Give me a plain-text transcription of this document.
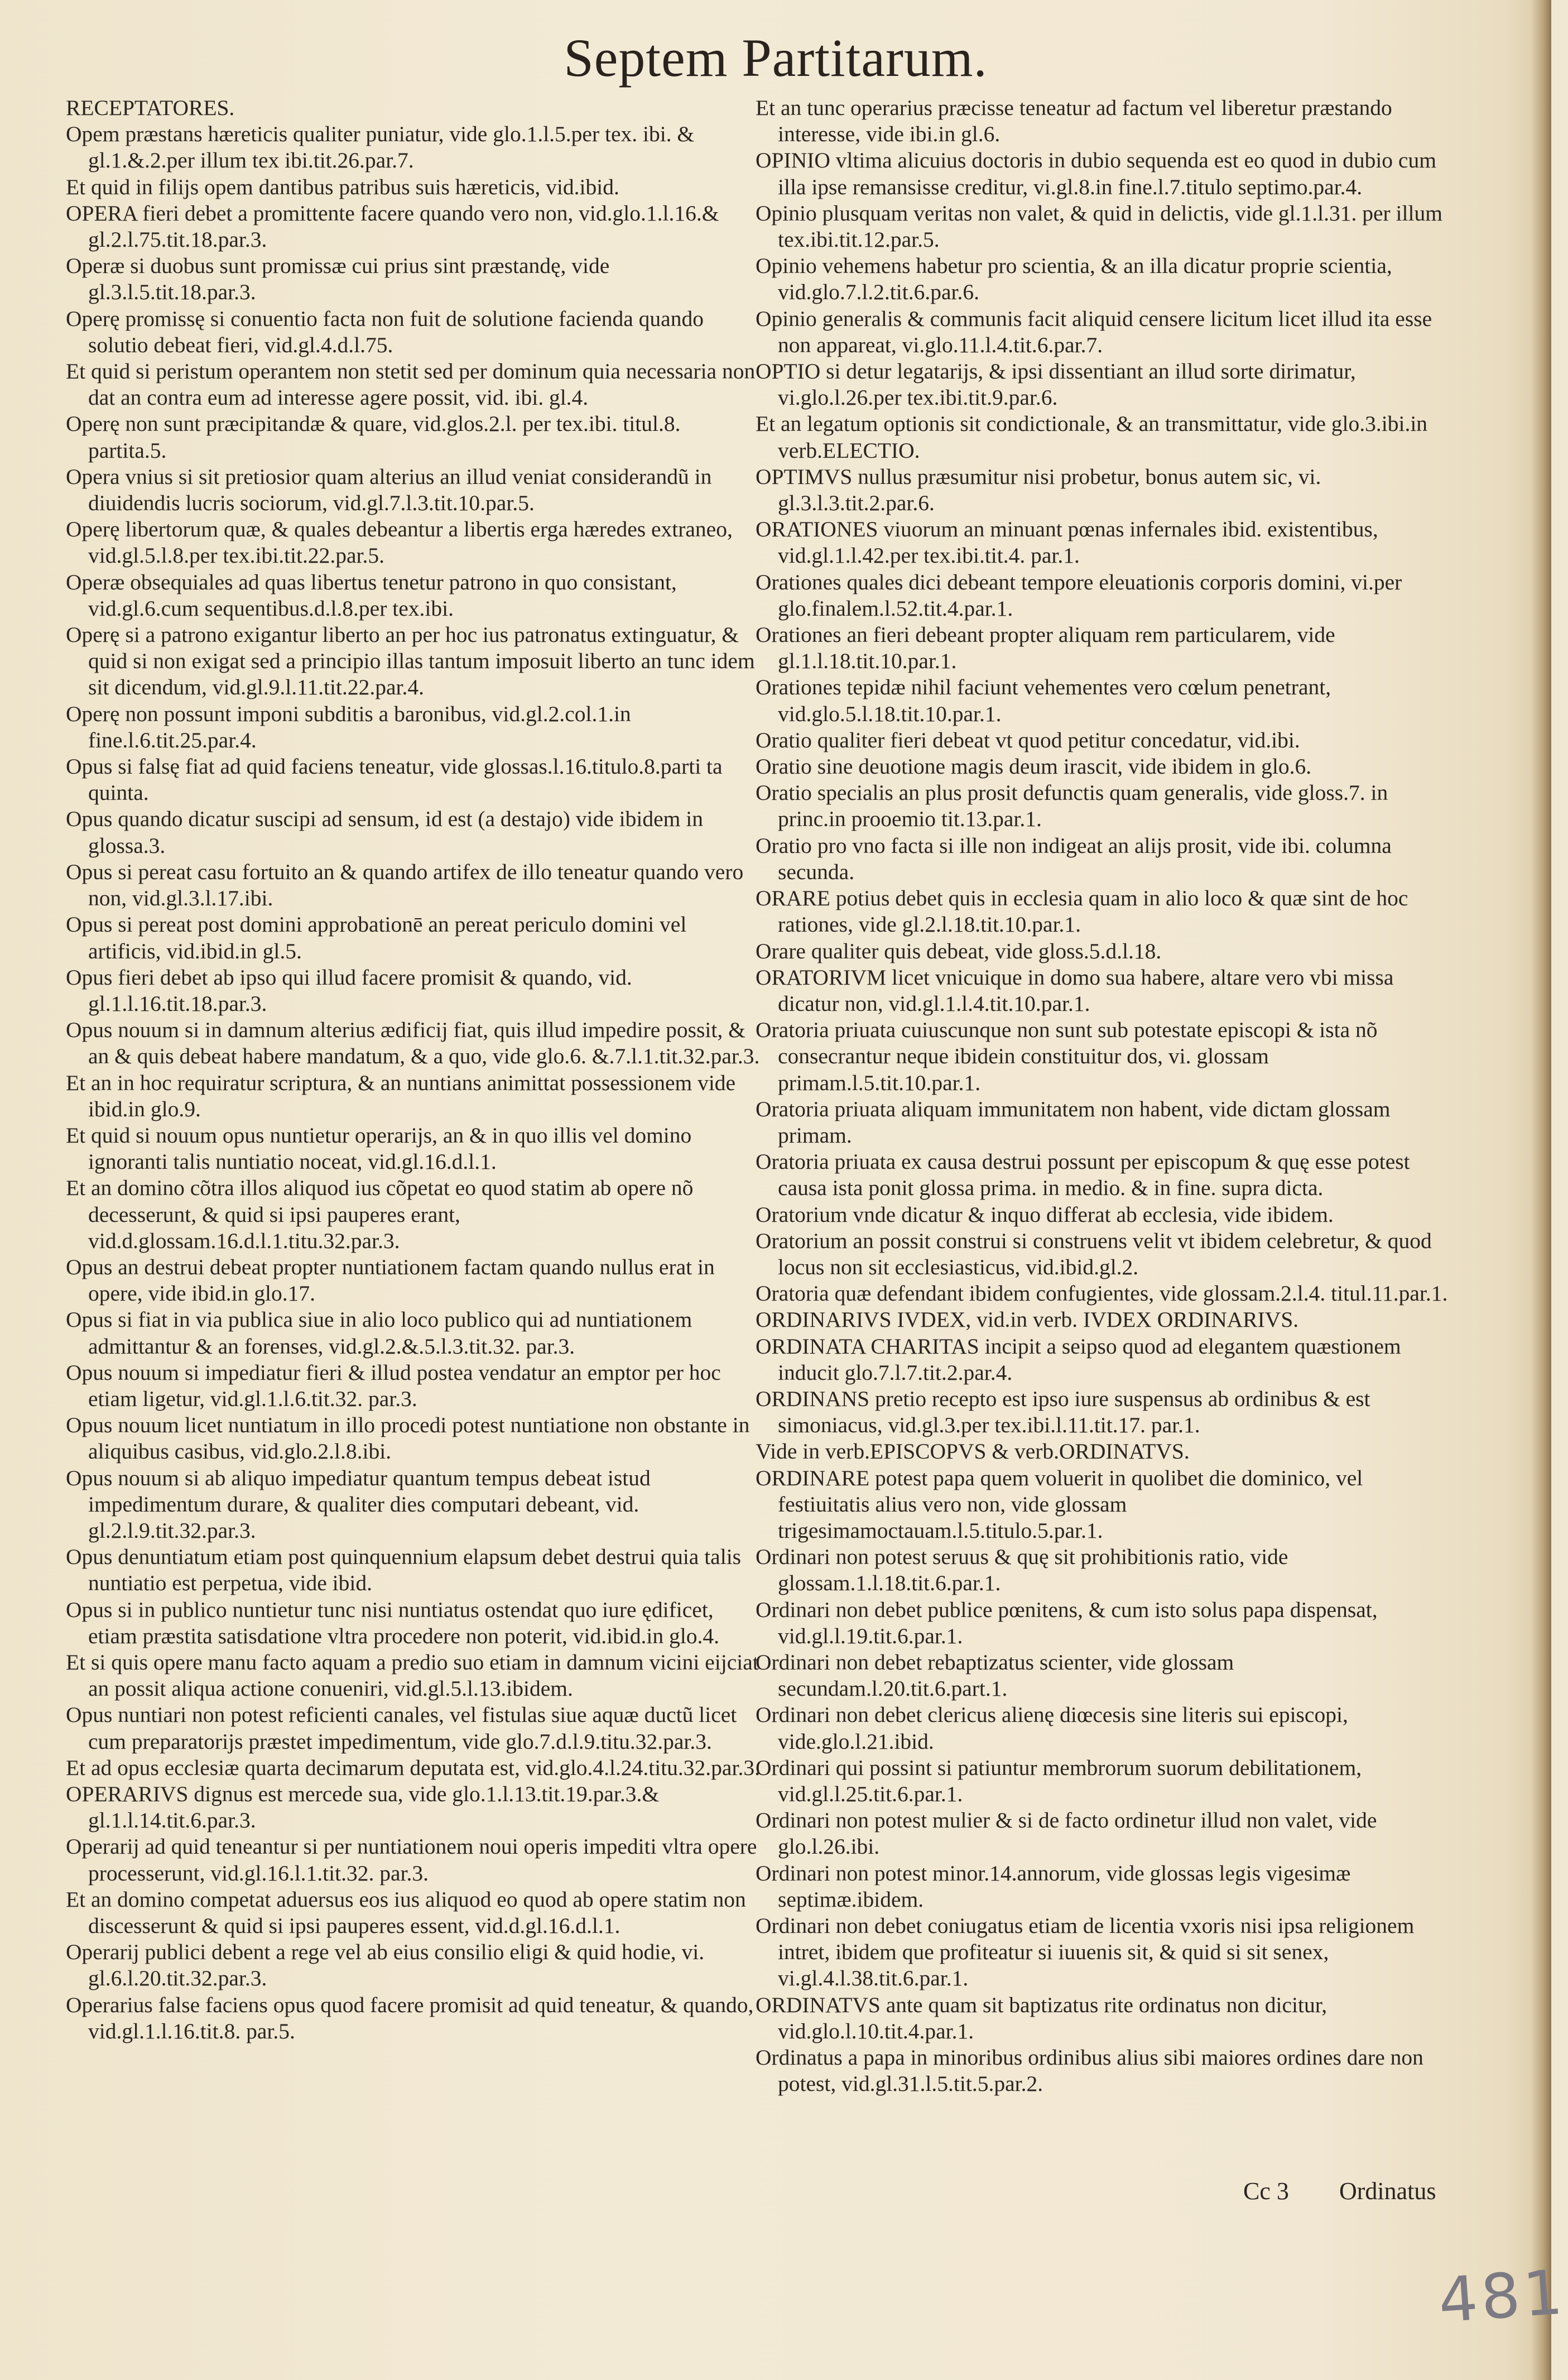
Septem Partitarum.

RECEPTATORES.

Opem præstans hæreticis qualiter puniatur, vide glo.1.l.5.per tex. ibi. & gl.1.&.2.per illum tex ibi.tit.26.par.7.

Et quid in filijs opem dantibus patribus suis hæreticis, vid.ibid.

OPERA fieri debet a promittente facere quando vero non, vid.glo.1.l.16.& gl.2.l.75.tit.18.par.3.

Operæ si duobus sunt promissæ cui prius sint præstandę, vide gl.3.l.5.tit.18.par.3.

Operę promissę si conuentio facta non fuit de solutione facienda quando solutio debeat fieri, vid.gl.4.d.l.75.

Et quid si peristum operantem non stetit sed per dominum quia necessaria non dat an contra eum ad interesse agere possit, vid. ibi. gl.4.

Operę non sunt præcipitandæ & quare, vid.glos.2.l. per tex.ibi. titul.8. partita.5.

Opera vnius si sit pretiosior quam alterius an illud veniat considerandũ in diuidendis lucris sociorum, vid.gl.7.l.3.tit.10.par.5.

Operę libertorum quæ, & quales debeantur a libertis erga hæredes extraneo, vid.gl.5.l.8.per tex.ibi.tit.22.par.5.

Operæ obsequiales ad quas libertus tenetur patrono in quo consistant, vid.gl.6.cum sequentibus.d.l.8.per tex.ibi.

Operę si a patrono exigantur liberto an per hoc ius patronatus extinguatur, & quid si non exigat sed a principio illas tantum imposuit liberto an tunc idem sit dicendum, vid.gl.9.l.11.tit.22.par.4.

Operę non possunt imponi subditis a baronibus, vid.gl.2.col.1.in fine.l.6.tit.25.par.4.

Opus si falsę fiat ad quid faciens teneatur, vide glossas.l.16.titulo.8.parti ta quinta.

Opus quando dicatur suscipi ad sensum, id est (a destajo) vide ibidem in glossa.3.

Opus si pereat casu fortuito an & quando artifex de illo teneatur quando vero non, vid.gl.3.l.17.ibi.

Opus si pereat post domini approbationē an pereat periculo domini vel artificis, vid.ibid.in gl.5.

Opus fieri debet ab ipso qui illud facere promisit & quando, vid. gl.1.l.16.tit.18.par.3.

Opus nouum si in damnum alterius ædificij fiat, quis illud impedire possit, & an & quis debeat habere mandatum, & a quo, vide glo.6. &.7.l.1.tit.32.par.3.

Et an in hoc requiratur scriptura, & an nuntians animittat possessionem vide ibid.in glo.9.

Et quid si nouum opus nuntietur operarijs, an & in quo illis vel domino ignoranti talis nuntiatio noceat, vid.gl.16.d.l.1.

Et an domino cõtra illos aliquod ius cõpetat eo quod statim ab opere nõ decesserunt, & quid si ipsi pauperes erant, vid.d.glossam.16.d.l.1.titu.32.par.3.

Opus an destrui debeat propter nuntiationem factam quando nullus erat in opere, vide ibid.in glo.17.

Opus si fiat in via publica siue in alio loco publico qui ad nuntiationem admittantur & an forenses, vid.gl.2.&.5.l.3.tit.32. par.3.

Opus nouum si impediatur fieri & illud postea vendatur an emptor per hoc etiam ligetur, vid.gl.1.l.6.tit.32. par.3.

Opus nouum licet nuntiatum in illo procedi potest nuntiatione non obstante in aliquibus casibus, vid.glo.2.l.8.ibi.

Opus nouum si ab aliquo impediatur quantum tempus debeat istud impedimentum durare, & qualiter dies computari debeant, vid. gl.2.l.9.tit.32.par.3.

Opus denuntiatum etiam post quinquennium elapsum debet destrui quia talis nuntiatio est perpetua, vide ibid.

Opus si in publico nuntietur tunc nisi nuntiatus ostendat quo iure ędificet, etiam præstita satisdatione vltra procedere non poterit, vid.ibid.in glo.4.

Et si quis opere manu facto aquam a predio suo etiam in damnum vicini eijciat an possit aliqua actione conueniri, vid.gl.5.l.13.ibidem.

Opus nuntiari non potest reficienti canales, vel fistulas siue aquæ ductũ licet cum preparatorijs præstet impedimentum, vide glo.7.d.l.9.titu.32.par.3.

Et ad opus ecclesiæ quarta decimarum deputata est, vid.glo.4.l.24.titu.32.par.3.

OPERARIVS dignus est mercede sua, vide glo.1.l.13.tit.19.par.3.& gl.1.l.14.tit.6.par.3.

Operarij ad quid teneantur si per nuntiationem noui operis impediti vltra opere processerunt, vid.gl.16.l.1.tit.32. par.3.

Et an domino competat aduersus eos ius aliquod eo quod ab opere statim non discesserunt & quid si ipsi pauperes essent, vid.d.gl.16.d.l.1.

Operarij publici debent a rege vel ab eius consilio eligi & quid hodie, vi. gl.6.l.20.tit.32.par.3.

Operarius false faciens opus quod facere promisit ad quid teneatur, & quando, vid.gl.1.l.16.tit.8. par.5.

Et an tunc operarius præcisse teneatur ad factum vel liberetur præstando interesse, vide ibi.in gl.6.

OPINIO vltima alicuius doctoris in dubio sequenda est eo quod in dubio cum illa ipse remansisse creditur, vi.gl.8.in fine.l.7.titulo septimo.par.4.

Opinio plusquam veritas non valet, & quid in delictis, vide gl.1.l.31. per illum tex.ibi.tit.12.par.5.

Opinio vehemens habetur pro scientia, & an illa dicatur proprie scientia, vid.glo.7.l.2.tit.6.par.6.

Opinio generalis & communis facit aliquid censere licitum licet illud ita esse non appareat, vi.glo.11.l.4.tit.6.par.7.

OPTIO si detur legatarijs, & ipsi dissentiant an illud sorte dirimatur, vi.glo.l.26.per tex.ibi.tit.9.par.6.

Et an legatum optionis sit condictionale, & an transmittatur, vide glo.3.ibi.in verb.ELECTIO.

OPTIMVS nullus præsumitur nisi probetur, bonus autem sic, vi. gl.3.l.3.tit.2.par.6.

ORATIONES viuorum an minuant pœnas infernales ibid. existentibus, vid.gl.1.l.42.per tex.ibi.tit.4. par.1.

Orationes quales dici debeant tempore eleuationis corporis domini, vi.per glo.finalem.l.52.tit.4.par.1.

Orationes an fieri debeant propter aliquam rem particularem, vide gl.1.l.18.tit.10.par.1.

Orationes tepidæ nihil faciunt vehementes vero cœlum penetrant, vid.glo.5.l.18.tit.10.par.1.

Oratio qualiter fieri debeat vt quod petitur concedatur, vid.ibi.

Oratio sine deuotione magis deum irascit, vide ibidem in glo.6.

Oratio specialis an plus prosit defunctis quam generalis, vide gloss.7. in princ.in prooemio tit.13.par.1.

Oratio pro vno facta si ille non indigeat an alijs prosit, vide ibi. columna secunda.

ORARE potius debet quis in ecclesia quam in alio loco & quæ sint de hoc rationes, vide gl.2.l.18.tit.10.par.1.

Orare qualiter quis debeat, vide gloss.5.d.l.18.

ORATORIVM licet vnicuique in domo sua habere, altare vero vbi missa dicatur non, vid.gl.1.l.4.tit.10.par.1.

Oratoria priuata cuiuscunque non sunt sub potestate episcopi & ista nõ consecrantur neque ibidein constituitur dos, vi. glossam primam.l.5.tit.10.par.1.

Oratoria priuata aliquam immunitatem non habent, vide dictam glossam primam.

Oratoria priuata ex causa destrui possunt per episcopum & quę esse potest causa ista ponit glossa prima. in medio. & in fine. supra dicta.

Oratorium vnde dicatur & inquo differat ab ecclesia, vide ibidem.

Oratorium an possit construi si construens velit vt ibidem celebretur, & quod locus non sit ecclesiasticus, vid.ibid.gl.2.

Oratoria quæ defendant ibidem confugientes, vide glossam.2.l.4. titul.11.par.1.

ORDINARIVS IVDEX, vid.in verb. IVDEX ORDINARIVS.

ORDINATA CHARITAS incipit a seipso quod ad elegantem quæstionem inducit glo.7.l.7.tit.2.par.4.

ORDINANS pretio recepto est ipso iure suspensus ab ordinibus & est simoniacus, vid.gl.3.per tex.ibi.l.11.tit.17. par.1.

Vide in verb.EPISCOPVS & verb.ORDINATVS.

ORDINARE potest papa quem voluerit in quolibet die dominico, vel festiuitatis alius vero non, vide glossam trigesimamoctauam.l.5.titulo.5.par.1.

Ordinari non potest seruus & quę sit prohibitionis ratio, vide glossam.1.l.18.tit.6.par.1.

Ordinari non debet publice pœnitens, & cum isto solus papa dispensat, vid.gl.l.19.tit.6.par.1.

Ordinari non debet rebaptizatus scienter, vide glossam secundam.l.20.tit.6.part.1.

Ordinari non debet clericus alienę diœcesis sine literis sui episcopi, vide.glo.l.21.ibid.

Ordinari qui possint si patiuntur membrorum suorum debilitationem, vid.gl.l.25.tit.6.par.1.

Ordinari non potest mulier & si de facto ordinetur illud non valet, vide glo.l.26.ibi.

Ordinari non potest minor.14.annorum, vide glossas legis vigesimæ septimæ.ibidem.

Ordinari non debet coniugatus etiam de licentia vxoris nisi ipsa religionem intret, ibidem que profiteatur si iuuenis sit, & quid si sit senex, vi.gl.4.l.38.tit.6.par.1.

ORDINATVS ante quam sit baptizatus rite ordinatus non dicitur, vid.glo.l.10.tit.4.par.1.

Ordinatus a papa in minoribus ordinibus alius sibi maiores ordines dare non potest, vid.gl.31.l.5.tit.5.par.2.

Cc 3 Ordinatus
481
